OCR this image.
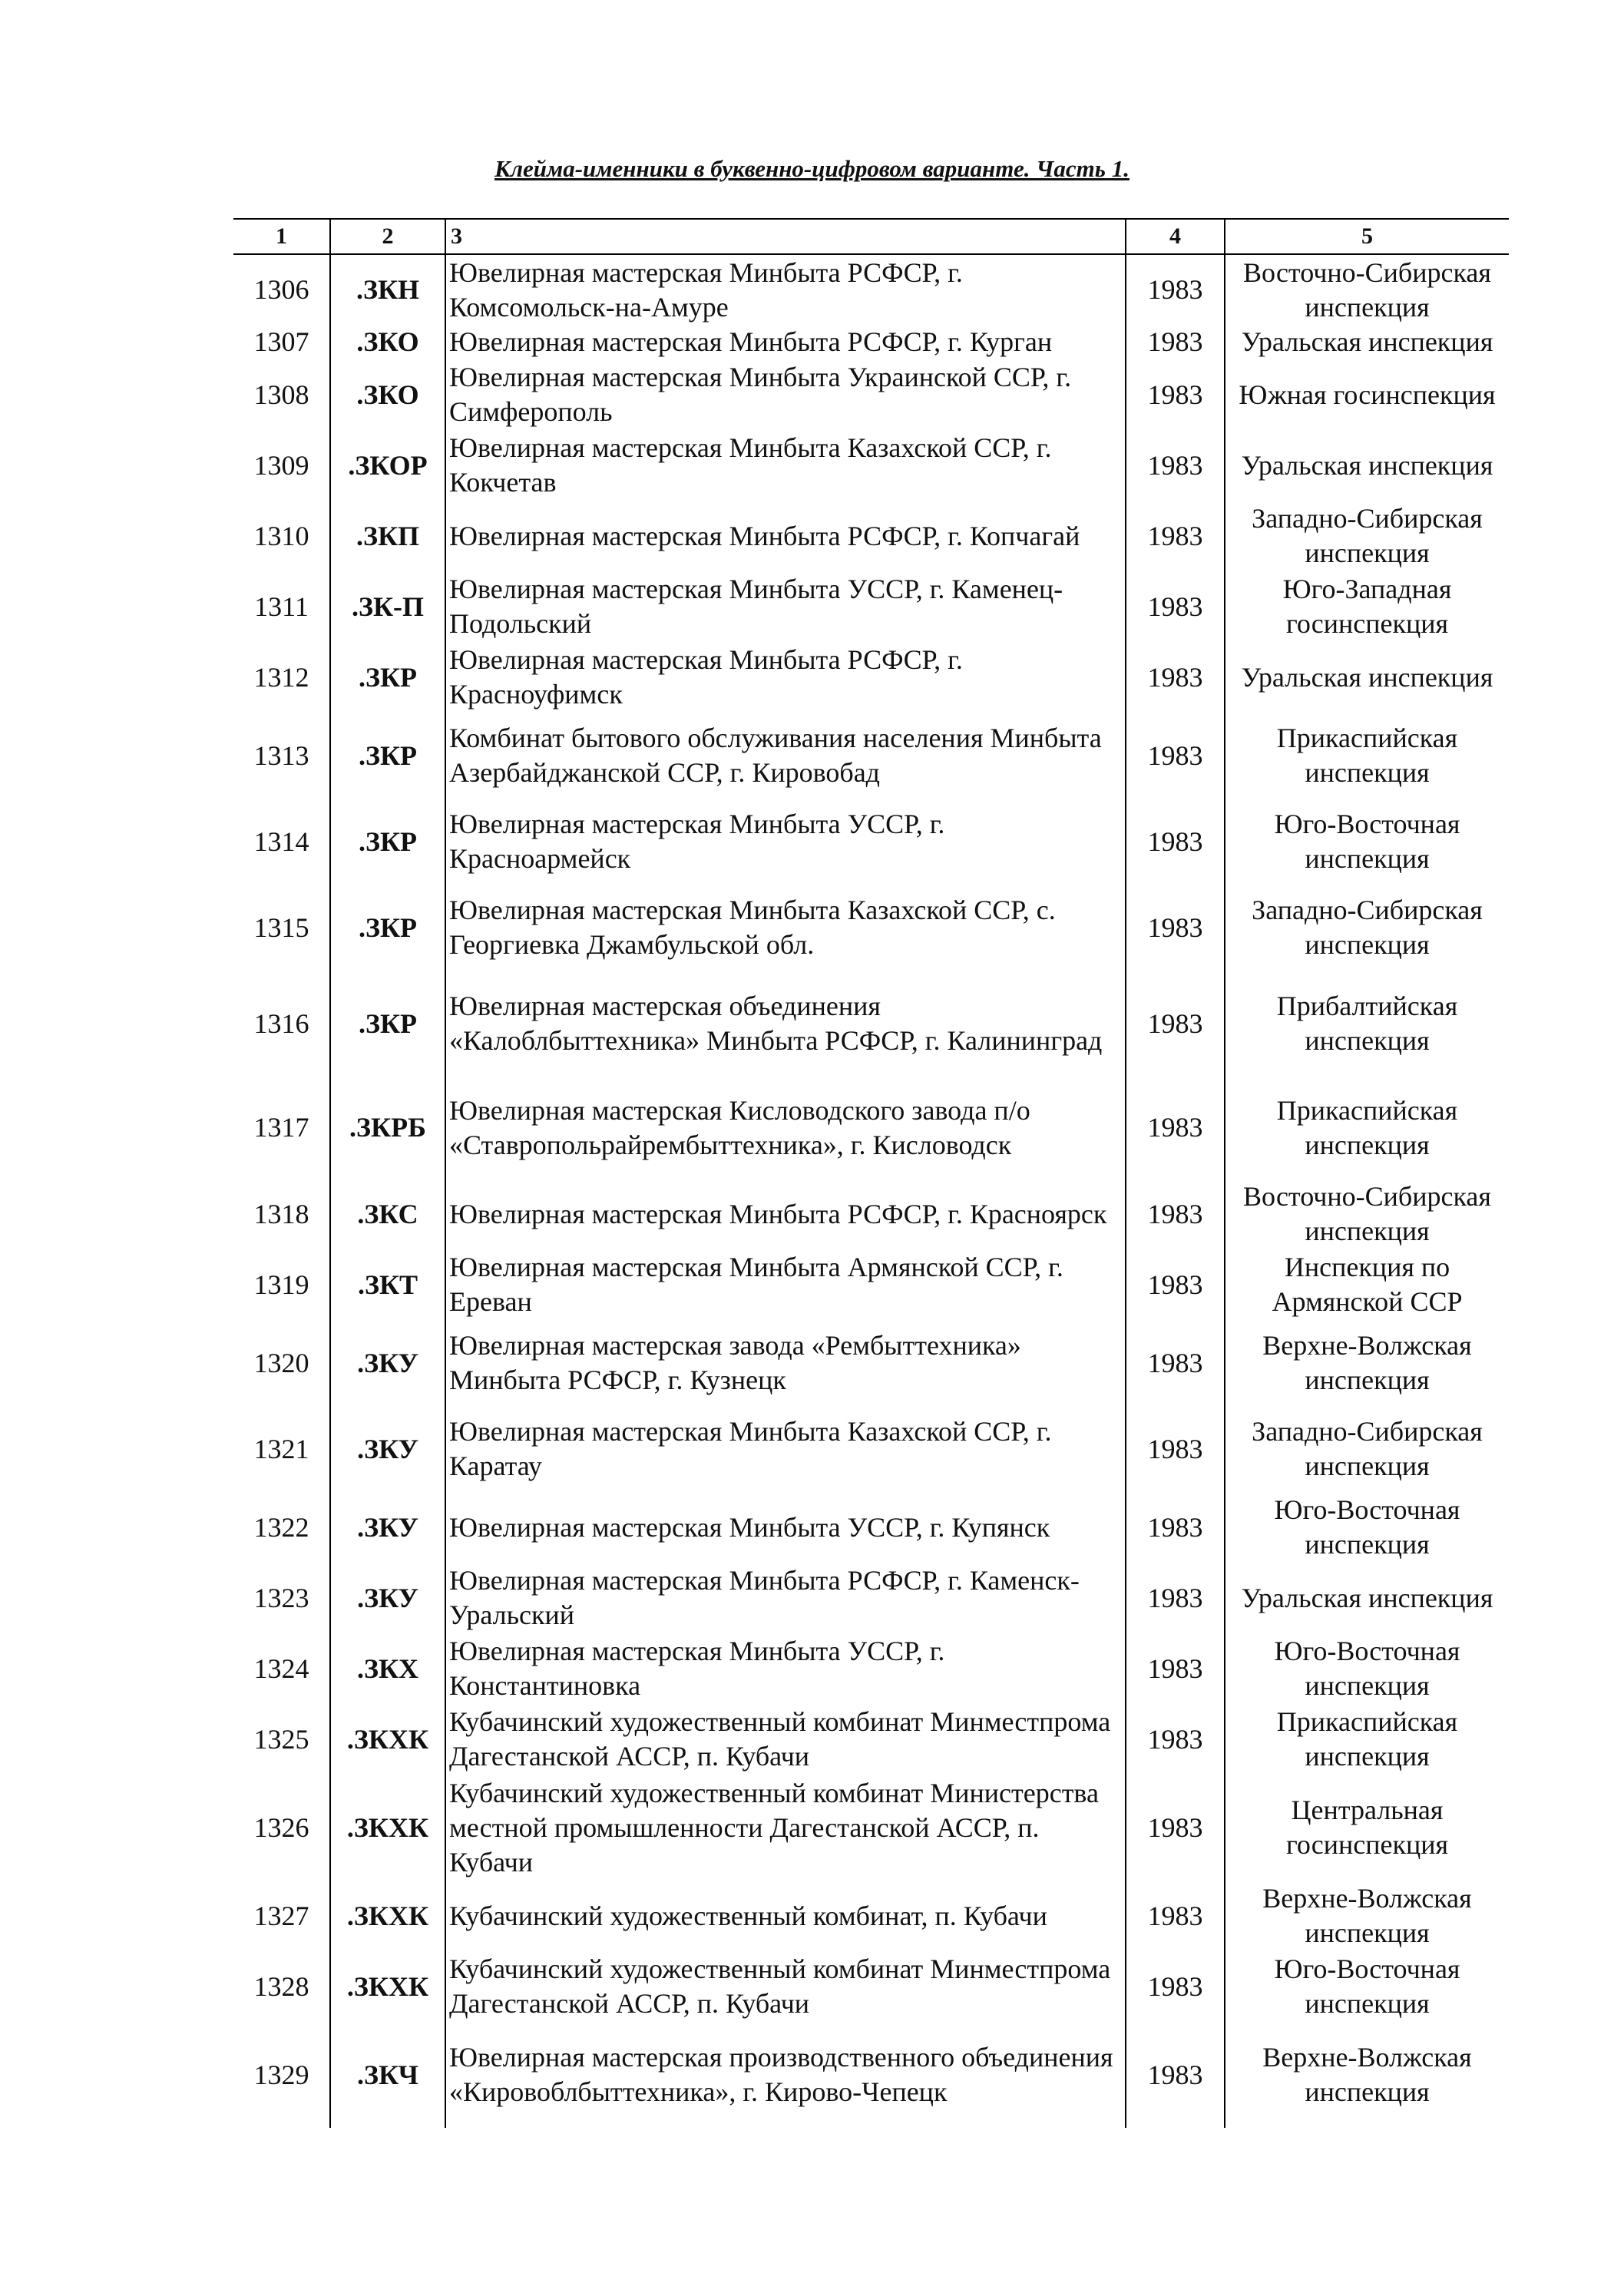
Клейма-именники в буквенно-цифровом варианте. Часть 1.
1	2	3	4	5
1306	.ЗКН	Ювелирная мастерская Минбыта РСФСР, г. Комсомольск-на-Амуре	1983	Восточно-Сибирская инспекция
1307	.ЗКО	Ювелирная мастерская Минбыта РСФСР, г. Курган	1983	Уральская инспекция
1308	.ЗКО	Ювелирная мастерская Минбыта Украинской ССР, г. Симферополь	1983	Южная госинспекция
1309	.ЗКОР	Ювелирная мастерская Минбыта Казахской ССР, г. Кокчетав	1983	Уральская инспекция
1310	.ЗКП	Ювелирная мастерская Минбыта РСФСР, г. Копчагай	1983	Западно-Сибирская инспекция
1311	.ЗК-П	Ювелирная мастерская Минбыта УССР, г. Каменец-Подольский	1983	Юго-Западная госинспекция
1312	.ЗКР	Ювелирная мастерская Минбыта РСФСР, г. Красноуфимск	1983	Уральская инспекция
1313	.ЗКР	Комбинат бытового обслуживания населения Минбыта Азербайджанской ССР, г. Кировобад	1983	Прикаспийская инспекция
1314	.ЗКР	Ювелирная мастерская Минбыта УССР, г. Красноармейск	1983	Юго-Восточная инспекция
1315	.ЗКР	Ювелирная мастерская Минбыта Казахской ССР, с. Георгиевка Джамбульской обл.	1983	Западно-Сибирская инспекция
1316	.ЗКР	Ювелирная мастерская объединения «Калоблбыттехника» Минбыта РСФСР, г. Калининград	1983	Прибалтийская инспекция
1317	.ЗКРБ	Ювелирная мастерская Кисловодского завода п/о «Ставропольрайрембыттехника», г. Кисловодск	1983	Прикаспийская инспекция
1318	.ЗКС	Ювелирная мастерская Минбыта РСФСР, г. Красноярск	1983	Восточно-Сибирская инспекция
1319	.ЗКТ	Ювелирная мастерская Минбыта Армянской ССР, г. Ереван	1983	Инспекция по Армянской ССР
1320	.ЗКУ	Ювелирная мастерская завода «Рембыттехника» Минбыта РСФСР, г. Кузнецк	1983	Верхне-Волжская инспекция
1321	.ЗКУ	Ювелирная мастерская Минбыта Казахской ССР, г. Каратау	1983	Западно-Сибирская инспекция
1322	.ЗКУ	Ювелирная мастерская Минбыта УССР, г. Купянск	1983	Юго-Восточная инспекция
1323	.ЗКУ	Ювелирная мастерская Минбыта РСФСР, г. Каменск-Уральский	1983	Уральская инспекция
1324	.ЗКХ	Ювелирная мастерская Минбыта УССР, г. Константиновка	1983	Юго-Восточная инспекция
1325	.ЗКХК	Кубачинский художественный комбинат Минместпрома Дагестанской АССР, п. Кубачи	1983	Прикаспийская инспекция
1326	.ЗКХК	Кубачинский художественный комбинат Министерства местной промышленности Дагестанской АССР, п. Кубачи	1983	Центральная госинспекция
1327	.ЗКХК	Кубачинский художественный комбинат, п. Кубачи	1983	Верхне-Волжская инспекция
1328	.ЗКХК	Кубачинский художественный комбинат Минместпрома Дагестанской АССР, п. Кубачи	1983	Юго-Восточная инспекция
1329	.ЗКЧ	Ювелирная мастерская производственного объединения «Кировоблбыттехника», г. Кирово-Чепецк	1983	Верхне-Волжская инспекция
